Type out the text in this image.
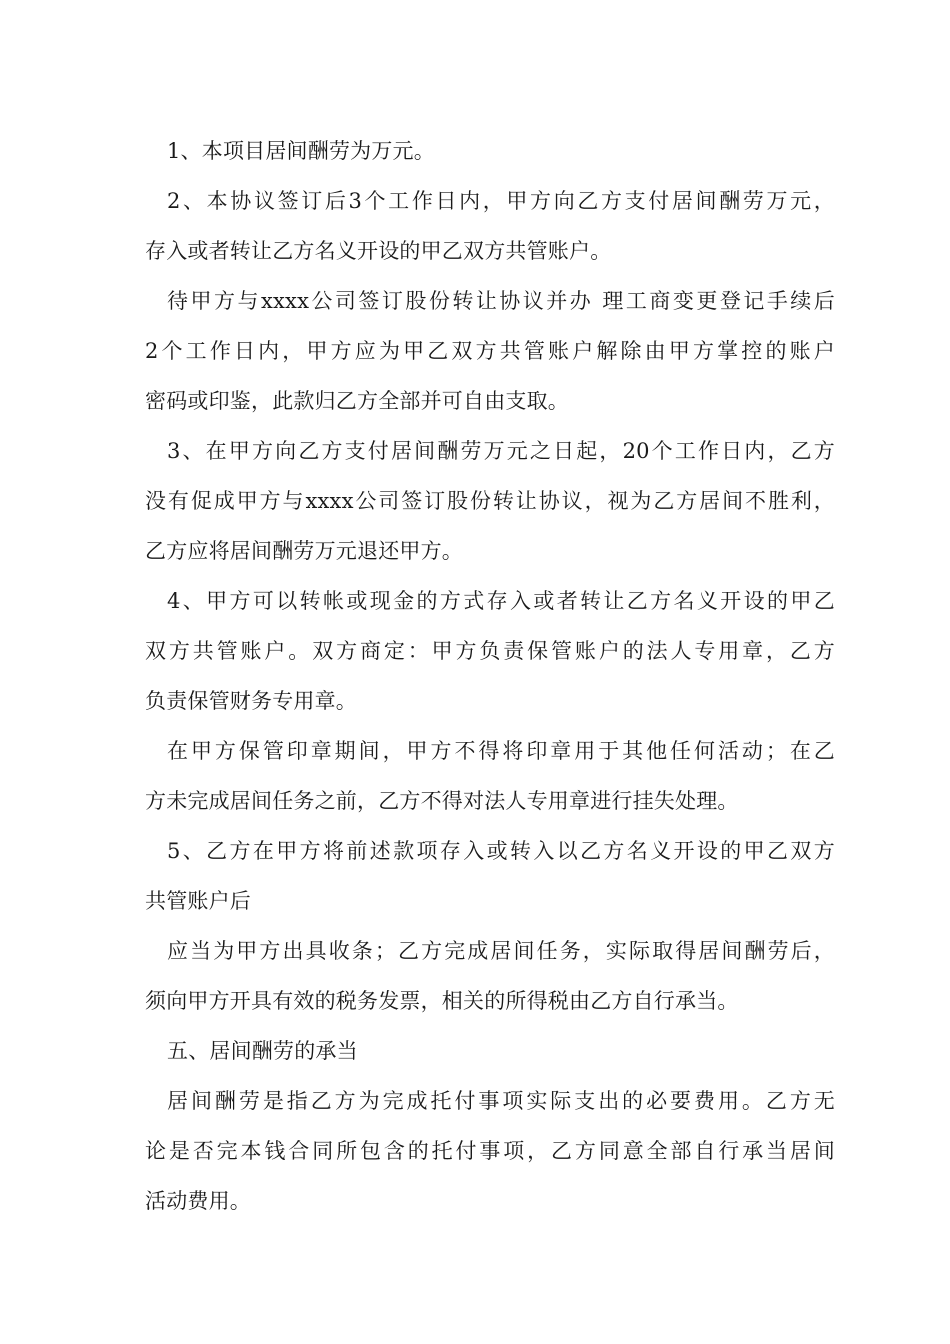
1、本项目居间酬劳为万元。
2、本协议签订后3个工作日内，甲方向乙方支付居间酬劳万元，
存入或者转让乙方名义开设的甲乙双方共管账户。
待甲方与xxxx公司签订股份转让协议并办 理工商变更登记手续后
2个工作日内，甲方应为甲乙双方共管账户解除由甲方掌控的账户
密码或印鉴，此款归乙方全部并可自由支取。
3、在甲方向乙方支付居间酬劳万元之日起，20个工作日内，乙方
没有促成甲方与xxxx公司签订股份转让协议，视为乙方居间不胜利，
乙方应将居间酬劳万元退还甲方。
4、甲方可以转帐或现金的方式存入或者转让乙方名义开设的甲乙
双方共管账户。双方商定：甲方负责保管账户的法人专用章，乙方
负责保管财务专用章。
在甲方保管印章期间，甲方不得将印章用于其他任何活动；在乙
方未完成居间任务之前，乙方不得对法人专用章进行挂失处理。
5、乙方在甲方将前述款项存入或转入以乙方名义开设的甲乙双方
共管账户后
应当为甲方出具收条；乙方完成居间任务，实际取得居间酬劳后，
须向甲方开具有效的税务发票，相关的所得税由乙方自行承当。
五、居间酬劳的承当
居间酬劳是指乙方为完成托付事项实际支出的必要费用。乙方无
论是否完本钱合同所包含的托付事项，乙方同意全部自行承当居间
活动费用。
